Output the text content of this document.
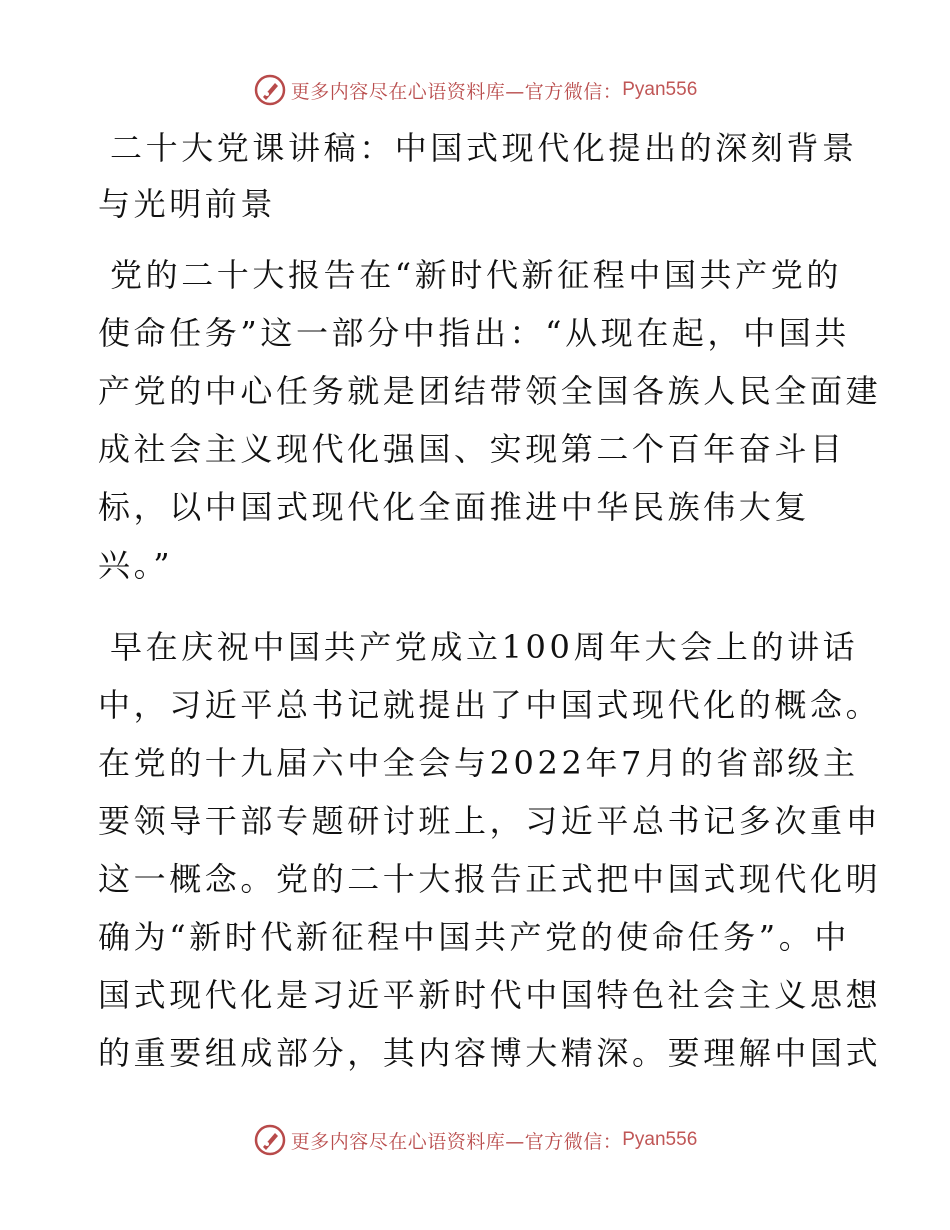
更多内容尽在心语资料库—官方微信： Pyan556
二十大党课讲稿：中国式现代化提出的深刻背景
与光明前景
党的二十大报告在“新时代新征程中国共产党的
使命任务”这一部分中指出：“从现在起，中国共
产党的中心任务就是团结带领全国各族人民全面建
成社会主义现代化强国、实现第二个百年奋斗目
标，以中国式现代化全面推进中华民族伟大复
兴。”
早在庆祝中国共产党成立100周年大会上的讲话
中，习近平总书记就提出了中国式现代化的概念。
在党的十九届六中全会与2022年7月的省部级主
要领导干部专题研讨班上，习近平总书记多次重申
这一概念。党的二十大报告正式把中国式现代化明
确为“新时代新征程中国共产党的使命任务”。中
国式现代化是习近平新时代中国特色社会主义思想
的重要组成部分，其内容博大精深。要理解中国式
更多内容尽在心语资料库—官方微信： Pyan556
